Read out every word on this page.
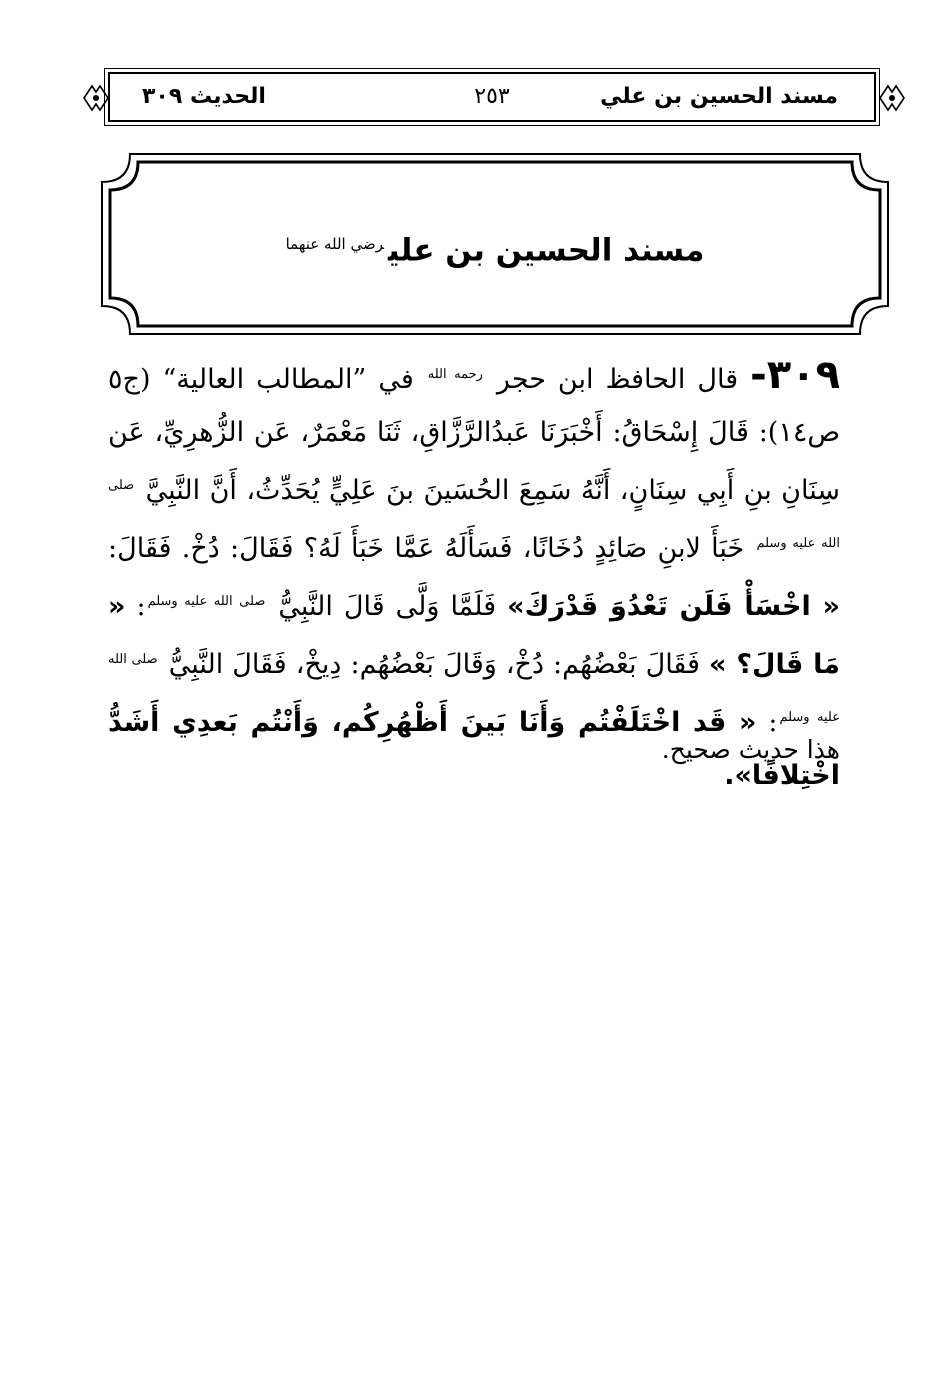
مسند الحسين بن علي
٢٥٣
الحديث ٣٠٩
مسند الحسين بن علي$^{رضي الله عنهما}$
٣٠٩- قال الحافظ ابن حجر $^{رحمه الله}$ في ”المطالب العالية“ (ج٥ ص١٤): قَالَ إِسْحَاقُ: أَخْبَرَنَا عَبدُالرَّزَّاقِ، ثَنَا مَعْمَرٌ، عَن الزُّهرِيِّ، عَن سِنَانِ بنِ أَبِي سِنَانٍ، أَنَّهُ سَمِعَ الحُسَينَ بنَ عَلِيٍّ يُحَدِّثُ، أَنَّ النَّبِيَّ $^{صلى الله عليه وسلم}$ خَبَأَ لابنِ صَائِدٍ دُخَانًا، فَسَأَلَهُ عَمَّا خَبَأَ لَهُ؟ فَقَالَ: دُخْ. فَقَالَ: « اخْسَأْ فَلَن تَعْدُوَ قَدْرَكَ» فَلَمَّا وَلَّى قَالَ النَّبِيُّ $^{صلى الله عليه وسلم}$: « مَا قَالَ؟ » فَقَالَ بَعْضُهُم: دُخْ، وَقَالَ بَعْضُهُم: دِيخْ، فَقَالَ النَّبِيُّ $^{صلى الله عليه وسلم}$: « قَد اخْتَلَفْتُم وَأَنَا بَينَ أَظْهُرِكُم، وَأَنْتُم بَعدِي أَشَدُّ اخْتِلافًا».
هذا حديث صحيح.
